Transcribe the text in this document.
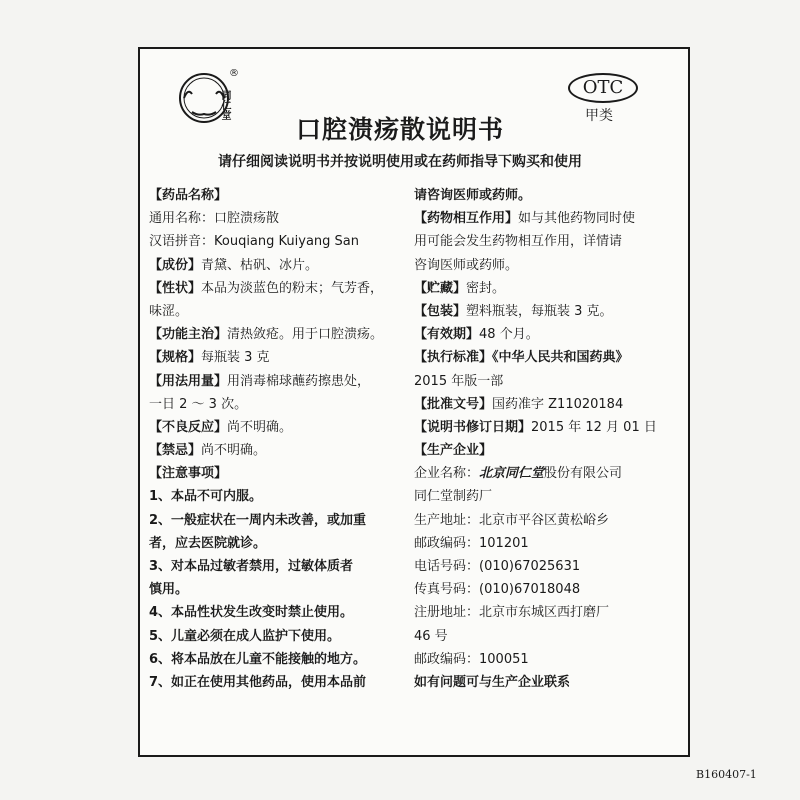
同仁堂
®
OTC
甲类
口腔溃疡散说明书
请仔细阅读说明书并按说明使用或在药师指导下购买和使用
【药品名称】
通用名称：口腔溃疡散
汉语拼音：Kouqiang Kuiyang San
【成份】青黛、枯矾、冰片。
【性状】本品为淡蓝色的粉末；气芳香，
味涩。
【功能主治】清热敛疮。用于口腔溃疡。
【规格】每瓶装 3 克
【用法用量】用消毒棉球蘸药擦患处，
一日 2 ～ 3 次。
【不良反应】尚不明确。
【禁忌】尚不明确。
【注意事项】
1、本品不可内服。
2、一般症状在一周内未改善，或加重
者，应去医院就诊。
3、对本品过敏者禁用，过敏体质者
慎用。
4、本品性状发生改变时禁止使用。
5、儿童必须在成人监护下使用。
6、将本品放在儿童不能接触的地方。
7、如正在使用其他药品，使用本品前
请咨询医师或药师。
【药物相互作用】如与其他药物同时使
用可能会发生药物相互作用，详情请
咨询医师或药师。
【贮藏】密封。
【包装】塑料瓶装，每瓶装 3 克。
【有效期】48 个月。
【执行标准】《中华人民共和国药典》
2015 年版一部
【批准文号】国药准字 Z11020184
【说明书修订日期】2015 年 12 月 01 日
【生产企业】
企业名称：北京同仁堂股份有限公司
同仁堂制药厂
生产地址：北京市平谷区黄松峪乡
邮政编码：101201
电话号码：(010)67025631
传真号码：(010)67018048
注册地址：北京市东城区西打磨厂
46 号
邮政编码：100051
如有问题可与生产企业联系
B160407-1
